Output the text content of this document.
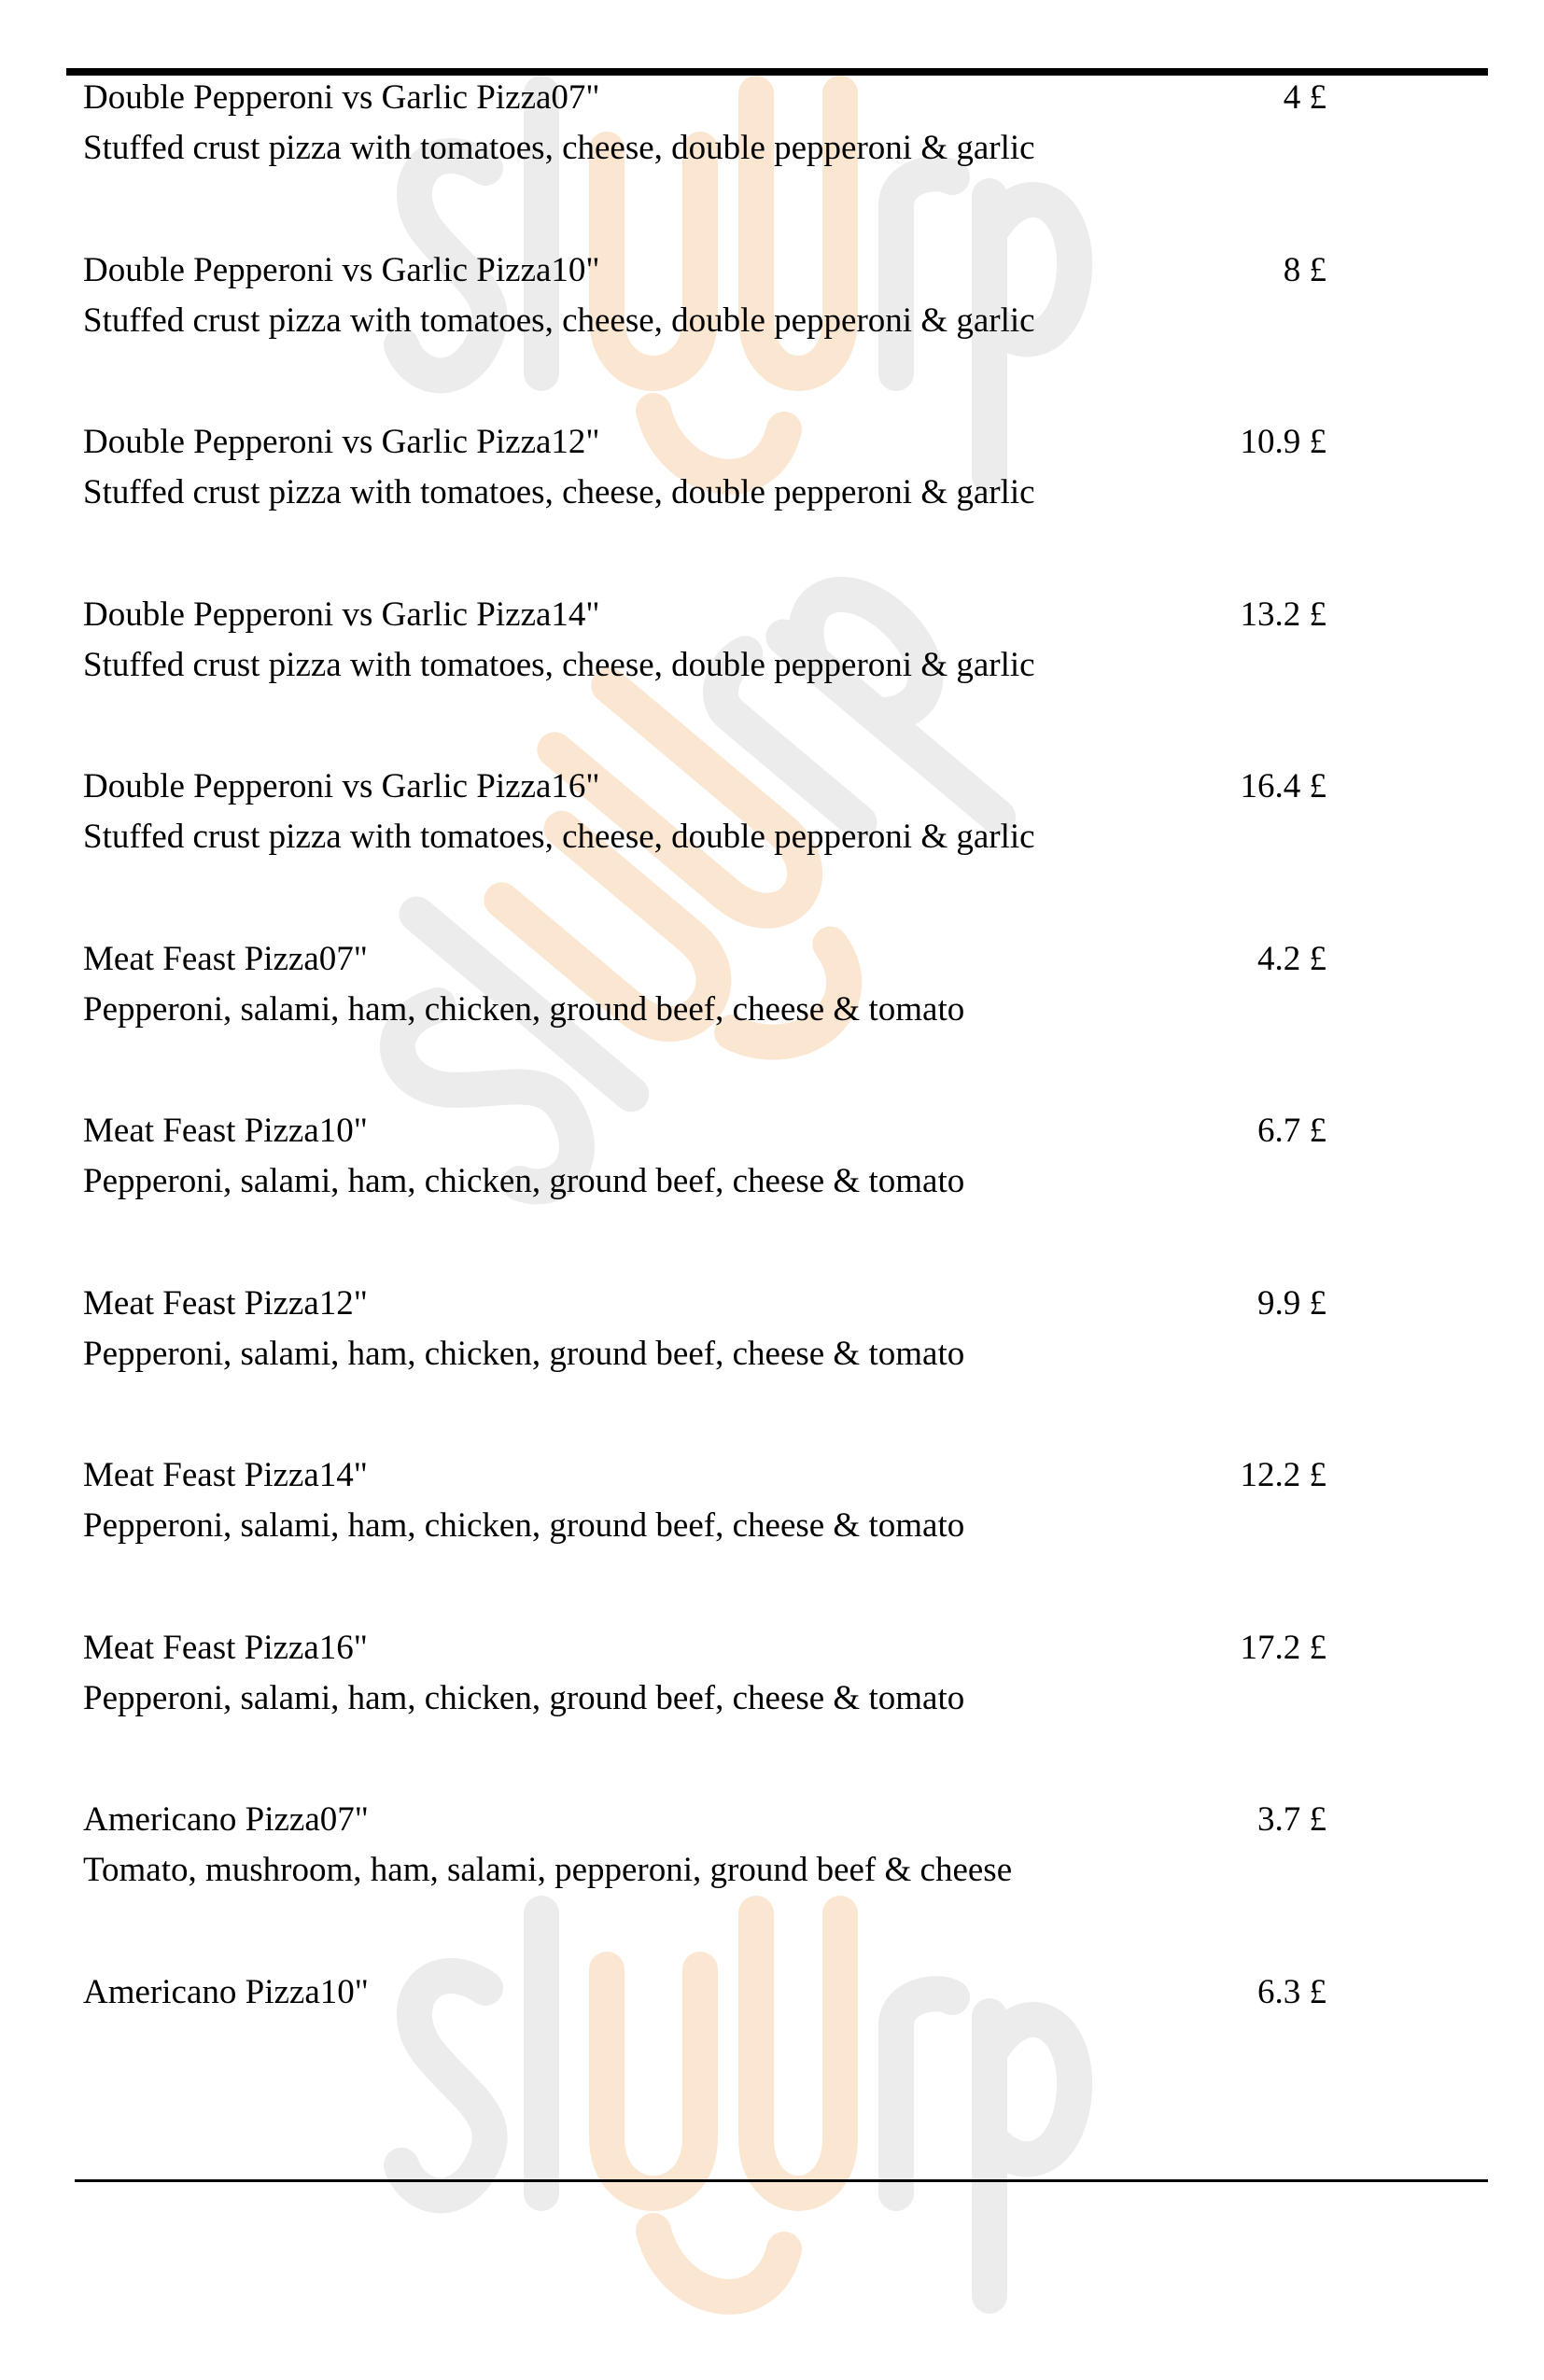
Double Pepperoni vs Garlic Pizza07"	4 £
Stuffed crust pizza with tomatoes, cheese, double pepperoni & garlic
Double Pepperoni vs Garlic Pizza10"	8 £
Stuffed crust pizza with tomatoes, cheese, double pepperoni & garlic
Double Pepperoni vs Garlic Pizza12"	10.9 £
Stuffed crust pizza with tomatoes, cheese, double pepperoni & garlic
Double Pepperoni vs Garlic Pizza14"	13.2 £
Stuffed crust pizza with tomatoes, cheese, double pepperoni & garlic
Double Pepperoni vs Garlic Pizza16"	16.4 £
Stuffed crust pizza with tomatoes, cheese, double pepperoni & garlic
Meat Feast Pizza07"	4.2 £
Pepperoni, salami, ham, chicken, ground beef, cheese & tomato
Meat Feast Pizza10"	6.7 £
Pepperoni, salami, ham, chicken, ground beef, cheese & tomato
Meat Feast Pizza12"	9.9 £
Pepperoni, salami, ham, chicken, ground beef, cheese & tomato
Meat Feast Pizza14"	12.2 £
Pepperoni, salami, ham, chicken, ground beef, cheese & tomato
Meat Feast Pizza16"	17.2 £
Pepperoni, salami, ham, chicken, ground beef, cheese & tomato
Americano Pizza07"	3.7 £
Tomato, mushroom, ham, salami, pepperoni, ground beef & cheese
Americano Pizza10"	6.3 £
